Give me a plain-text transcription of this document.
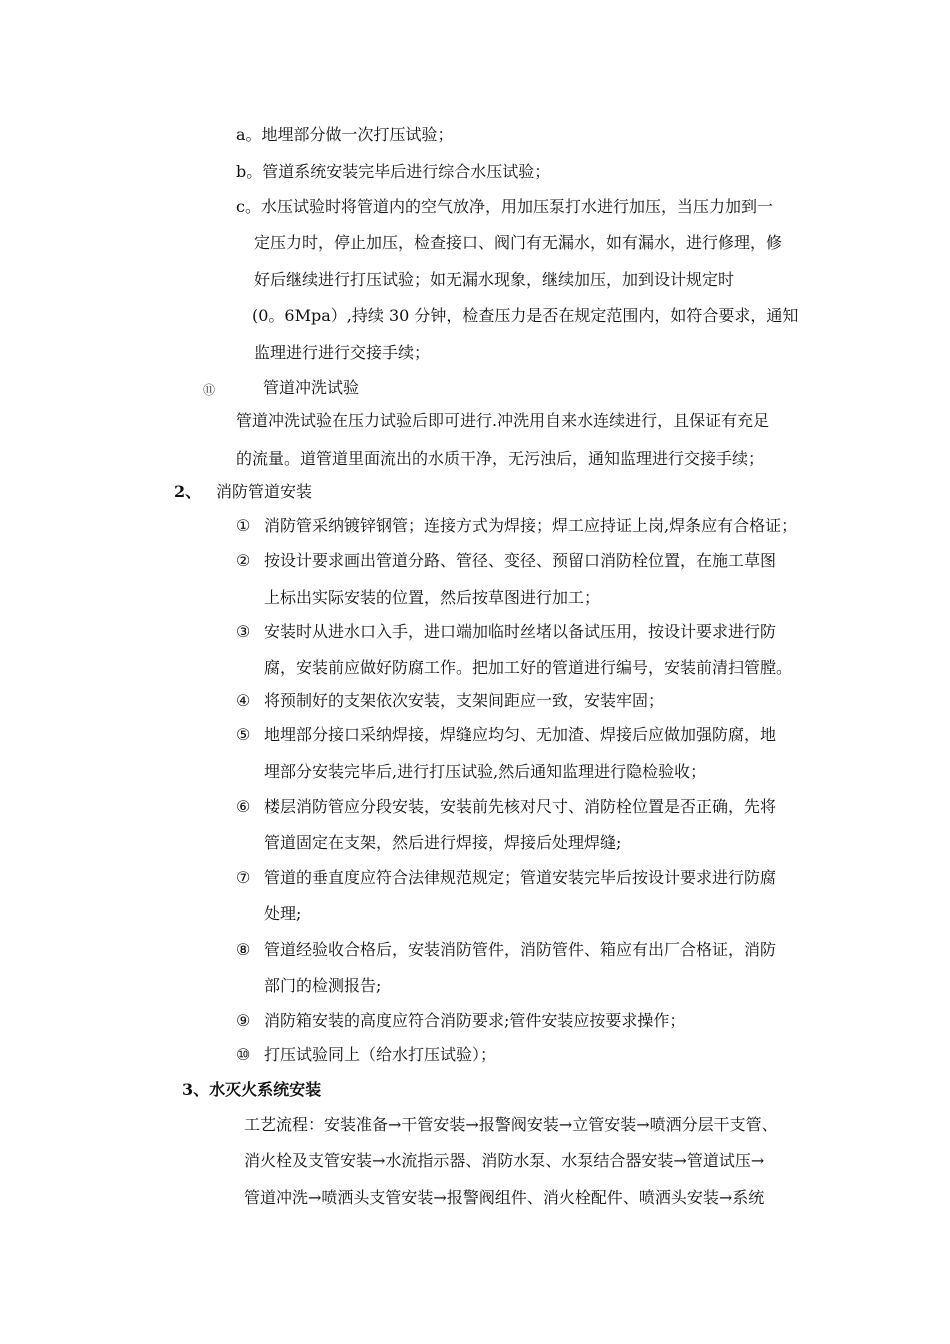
a。地埋部分做一次打压试验；
b。管道系统安装完毕后进行综合水压试验；
c。水压试验时将管道内的空气放净，用加压泵打水进行加压，当压力加到一
定压力时，停止加压，检查接口、阀门有无漏水，如有漏水，进行修理，修
好后继续进行打压试验；如无漏水现象，继续加压，加到设计规定时
(0。6Mpa）,持续 30 分钟，检查压力是否在规定范围内，如符合要求，通知
监理进行进行交接手续；
⑪	管道冲洗试验
管道冲洗试验在压力试验后即可进行.冲洗用自来水连续进行，且保证有充足
的流量。道管道里面流出的水质干净，无污浊后，通知监理进行交接手续；
2、 消防管道安装
① 消防管采纳镀锌钢管；连接方式为焊接；焊工应持证上岗,焊条应有合格证；
② 按设计要求画出管道分路、管径、变径、预留口消防栓位置，在施工草图
上标出实际安装的位置，然后按草图进行加工；
③ 安装时从进水口入手，进口端加临时丝堵以备试压用，按设计要求进行防
腐，安装前应做好防腐工作。把加工好的管道进行编号，安装前清扫管膛。
④ 将预制好的支架依次安装，支架间距应一致，安装牢固；
⑤ 地埋部分接口采纳焊接，焊缝应均匀、无加渣、焊接后应做加强防腐，地
埋部分安装完毕后,进行打压试验,然后通知监理进行隐检验收；
⑥ 楼层消防管应分段安装，安装前先核对尺寸、消防栓位置是否正确，先将
管道固定在支架，然后进行焊接，焊接后处理焊缝;
⑦ 管道的垂直度应符合法律规范规定；管道安装完毕后按设计要求进行防腐
处理;
⑧ 管道经验收合格后，安装消防管件，消防管件、箱应有出厂合格证，消防
部门的检测报告;
⑨ 消防箱安装的高度应符合消防要求;管件安装应按要求操作；
⑩ 打压试验同上（给水打压试验）；
3、水灭火系统安装
工艺流程：安装准备→干管安装→报警阀安装→立管安装→喷洒分层干支管、
消火栓及支管安装→水流指示器、消防水泵、水泵结合器安装→管道试压→
管道冲洗→喷洒头支管安装→报警阀组件、消火栓配件、喷洒头安装→系统
